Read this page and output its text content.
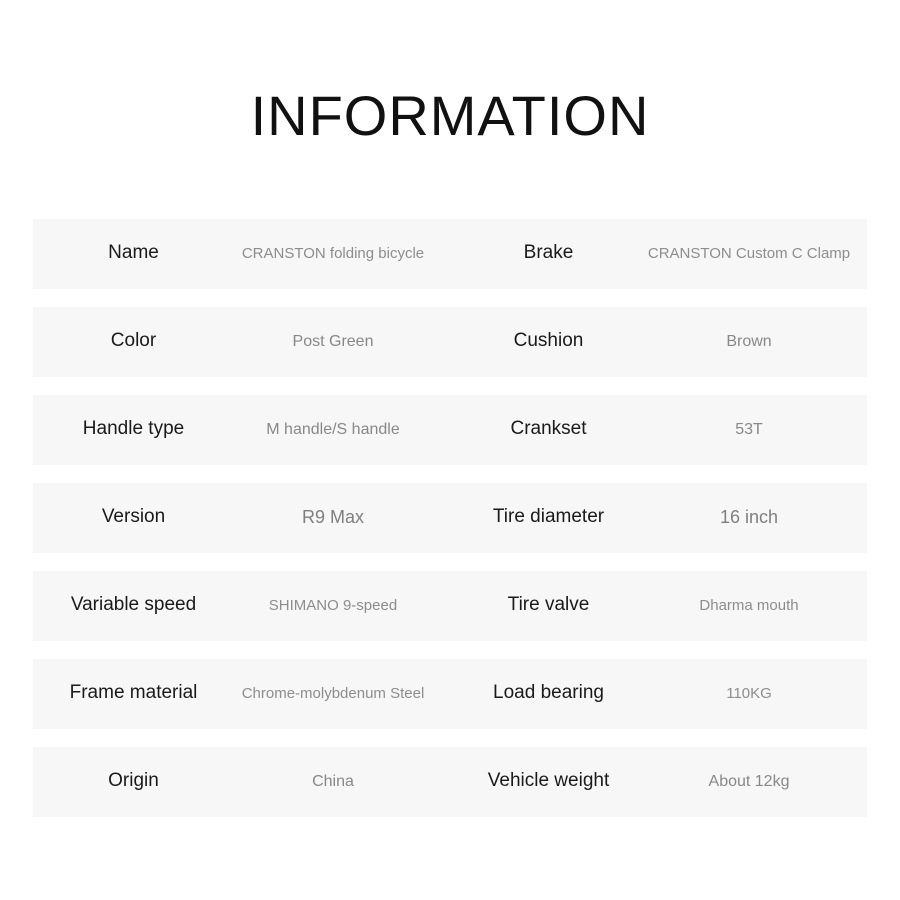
INFORMATION
Name	CRANSTON folding bicycle	Brake	CRANSTON Custom C Clamp
Color	Post Green	Cushion	Brown
Handle type	M handle/S handle	Crankset	53T
Version	R9 Max	Tire diameter	16 inch
Variable speed	SHIMANO 9-speed	Tire valve	Dharma mouth
Frame material	Chrome-molybdenum Steel	Load bearing	110KG
Origin	China	Vehicle weight	About 12kg
